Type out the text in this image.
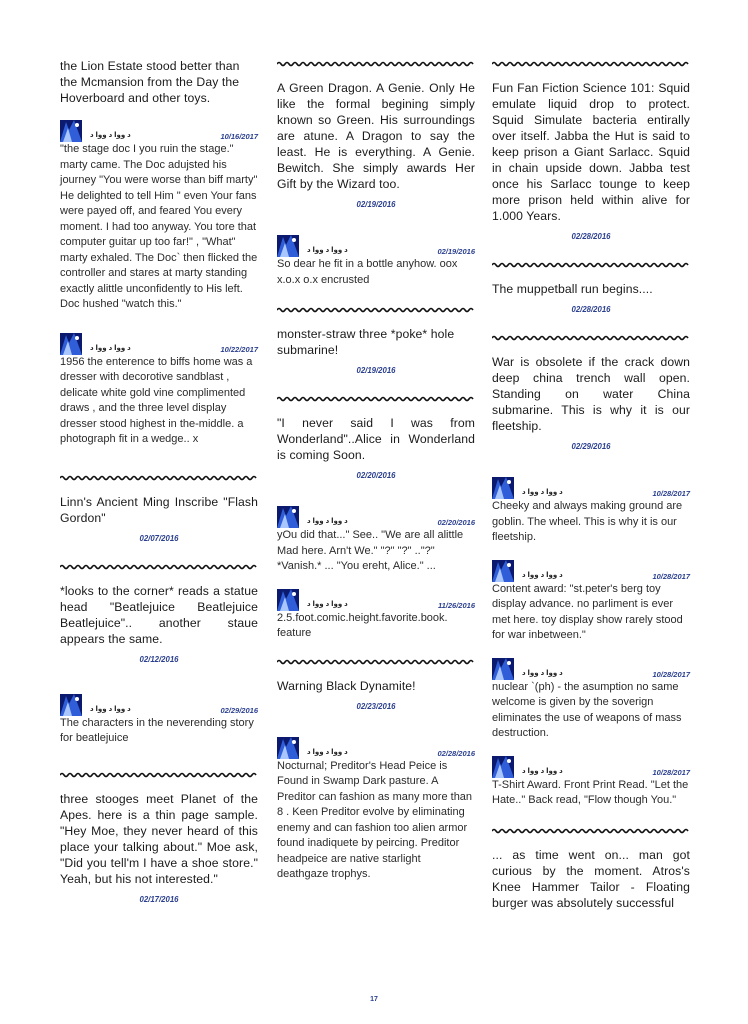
the Lion Estate stood better than the Mcmansion from the Day the Hoverboard and other toys.
د ووا د ووا د	10/16/2017
"the stage doc I you ruin the stage." marty came. The Doc adujsted his journey "You were worse than biff marty" He delighted to tell Him " even Your fans were payed off, and feared You every moment. I had too anyway. You tore that computer guitar up too far!" , "What" marty exhaled. The Doc` then flicked the controller and stares at marty standing exactly alittle unconfidently to His left. Doc hushed "watch this."
د ووا د ووا د	10/22/2017
1956 the enterence to biffs home was a dresser with decorotive sandblast , delicate white gold vine complimented draws , and the three level display dresser stood highest in the-middle. a photograph fit in a wedge.. x
Linn's Ancient Ming Inscribe "Flash Gordon"
02/07/2016
*looks to the corner* reads a statue head "Beatlejuice Beatlejuice Beatlejuice".. another staue appears the same.
02/12/2016
د ووا د ووا د	02/29/2016
The characters in the neverending story for beatlejuice
three stooges meet Planet of the Apes. here is a thin page sample. "Hey Moe, they never heard of this place your talking about." Moe ask, "Did you tell'm I have a shoe store." Yeah, but his not interested."
02/17/2016
A Green Dragon. A Genie. Only He like the formal begining simply known so Green. His surroundings are atune. A Dragon to say the least. He is everything. A Genie. Bewitch. She simply awards Her Gift by the Wizard too.
02/19/2016
د ووا د ووا د	02/19/2016
So dear he fit in a bottle anyhow. oox x.o.x o.x encrusted
monster-straw three *poke* hole submarine!
02/19/2016
"I never said I was from Wonderland"..Alice in Wonderland is coming Soon.
02/20/2016
د ووا د ووا د	02/20/2016
yOu did that..." See.. "We are all alittle Mad here. Arn't We." "?" "?" .."?" *Vanish.* ... "You ereht, Alice." ...
د ووا د ووا د	11/26/2016
2.5.foot.comic.height.favorite.book. feature
Warning Black Dynamite!
02/23/2016
د ووا د ووا د	02/28/2016
Nocturnal; Preditor's Head Peice is Found in Swamp Dark pasture. A Preditor can fashion as many more than 8 . Keen Preditor evolve by eliminating enemy and can fashion too alien armor found inadiquete by peircing. Preditor headpeice are native starlight deathgaze trophys.
Fun Fan Fiction Science 101: Squid emulate liquid drop to protect. Squid Simulate bacteria entirally over itself. Jabba the Hut is said to keep prison a Giant Sarlacc. Squid in chain upside down. Jabba test once his Sarlacc tounge to keep more prison held within alive for 1.000 Years.
02/28/2016
The muppetball run begins....
02/28/2016
War is obsolete if the crack down deep china trench wall open. Standing on water China submarine. This is why it is our fleetship.
02/29/2016
د ووا د ووا د	10/28/2017
Cheeky and always making ground are goblin. The wheel. This is why it is our fleetship.
د ووا د ووا د	10/28/2017
Content award: "st.peter's berg toy display advance. no parliment is ever met here. toy display show rarely stood for war inbetween."
د ووا د ووا د	10/28/2017
nuclear `(ph) - the asumption no same welcome is given by the soverign eliminates the use of weapons of mass destruction.
د ووا د ووا د	10/28/2017
T-Shirt Award. Front Print Read. "Let the Hate.." Back read, "Flow though You."
... as time went on... man got curious by the moment. Atros's Knee Hammer Tailor - Floating burger was absolutely successful
17
